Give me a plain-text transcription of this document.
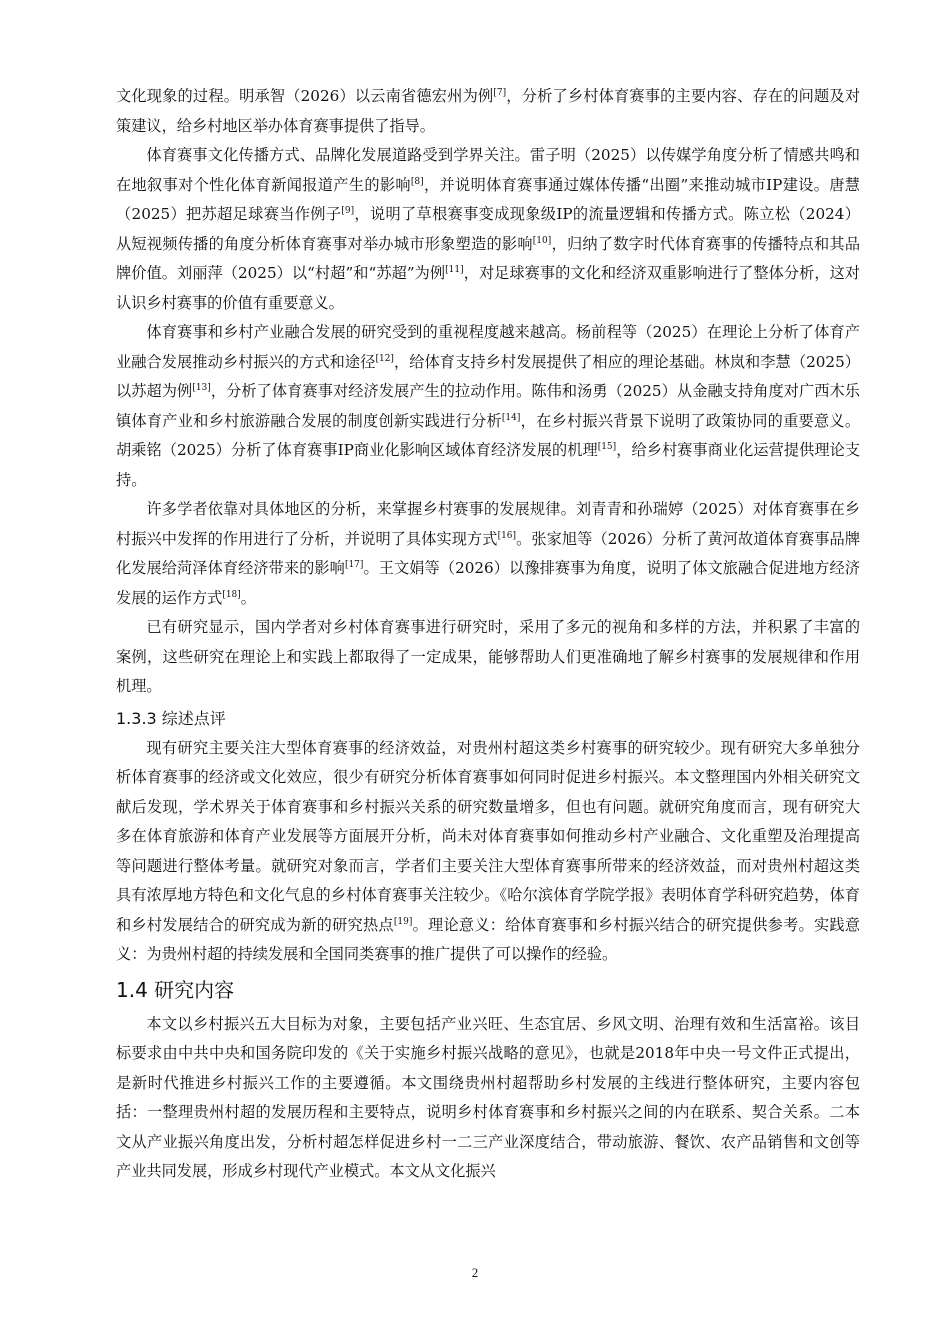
文化现象的过程。明承智（2026）以云南省德宏州为例[7]，分析了乡村体育赛事的主要内容、存在的问题及对策建议，给乡村地区举办体育赛事提供了指导。

体育赛事文化传播方式、品牌化发展道路受到学界关注。雷子明（2025）以传媒学角度分析了情感共鸣和在地叙事对个性化体育新闻报道产生的影响[8]，并说明体育赛事通过媒体传播“出圈”来推动城市IP建设。唐慧（2025）把苏超足球赛当作例子[9]，说明了草根赛事变成现象级IP的流量逻辑和传播方式。陈立松（2024）从短视频传播的角度分析体育赛事对举办城市形象塑造的影响[10]，归纳了数字时代体育赛事的传播特点和其品牌价值。刘丽萍（2025）以“村超”和“苏超”为例[11]，对足球赛事的文化和经济双重影响进行了整体分析，这对认识乡村赛事的价值有重要意义。

体育赛事和乡村产业融合发展的研究受到的重视程度越来越高。杨前程等（2025）在理论上分析了体育产业融合发展推动乡村振兴的方式和途径[12]，给体育支持乡村发展提供了相应的理论基础。林岚和李慧（2025）以苏超为例[13]，分析了体育赛事对经济发展产生的拉动作用。陈伟和汤勇（2025）从金融支持角度对广西木乐镇体育产业和乡村旅游融合发展的制度创新实践进行分析[14]，在乡村振兴背景下说明了政策协同的重要意义。胡乘铭（2025）分析了体育赛事IP商业化影响区域体育经济发展的机理[15]，给乡村赛事商业化运营提供理论支持。

许多学者依靠对具体地区的分析，来掌握乡村赛事的发展规律。刘青青和孙瑞婷（2025）对体育赛事在乡村振兴中发挥的作用进行了分析，并说明了具体实现方式[16]。张家旭等（2026）分析了黄河故道体育赛事品牌化发展给菏泽体育经济带来的影响[17]。王文娟等（2026）以豫排赛事为角度，说明了体文旅融合促进地方经济发展的运作方式[18]。

已有研究显示，国内学者对乡村体育赛事进行研究时，采用了多元的视角和多样的方法，并积累了丰富的案例，这些研究在理论上和实践上都取得了一定成果，能够帮助人们更准确地了解乡村赛事的发展规律和作用机理。

1.3.3 综述点评

现有研究主要关注大型体育赛事的经济效益，对贵州村超这类乡村赛事的研究较少。现有研究大多单独分析体育赛事的经济或文化效应，很少有研究分析体育赛事如何同时促进乡村振兴。本文整理国内外相关研究文献后发现，学术界关于体育赛事和乡村振兴关系的研究数量增多，但也有问题。就研究角度而言，现有研究大多在体育旅游和体育产业发展等方面展开分析，尚未对体育赛事如何推动乡村产业融合、文化重塑及治理提高等问题进行整体考量。就研究对象而言，学者们主要关注大型体育赛事所带来的经济效益，而对贵州村超这类具有浓厚地方特色和文化气息的乡村体育赛事关注较少。《哈尔滨体育学院学报》表明体育学科研究趋势，体育和乡村发展结合的研究成为新的研究热点[19]。理论意义：给体育赛事和乡村振兴结合的研究提供参考。实践意义：为贵州村超的持续发展和全国同类赛事的推广提供了可以操作的经验。

1.4 研究内容

本文以乡村振兴五大目标为对象，主要包括产业兴旺、生态宜居、乡风文明、治理有效和生活富裕。该目标要求由中共中央和国务院印发的《关于实施乡村振兴战略的意见》，也就是2018年中央一号文件正式提出，是新时代推进乡村振兴工作的主要遵循。本文围绕贵州村超帮助乡村发展的主线进行整体研究，主要内容包括：一整理贵州村超的发展历程和主要特点，说明乡村体育赛事和乡村振兴之间的内在联系、契合关系。二本文从产业振兴角度出发，分析村超怎样促进乡村一二三产业深度结合，带动旅游、餐饮、农产品销售和文创等产业共同发展，形成乡村现代产业模式。本文从文化振兴

2
